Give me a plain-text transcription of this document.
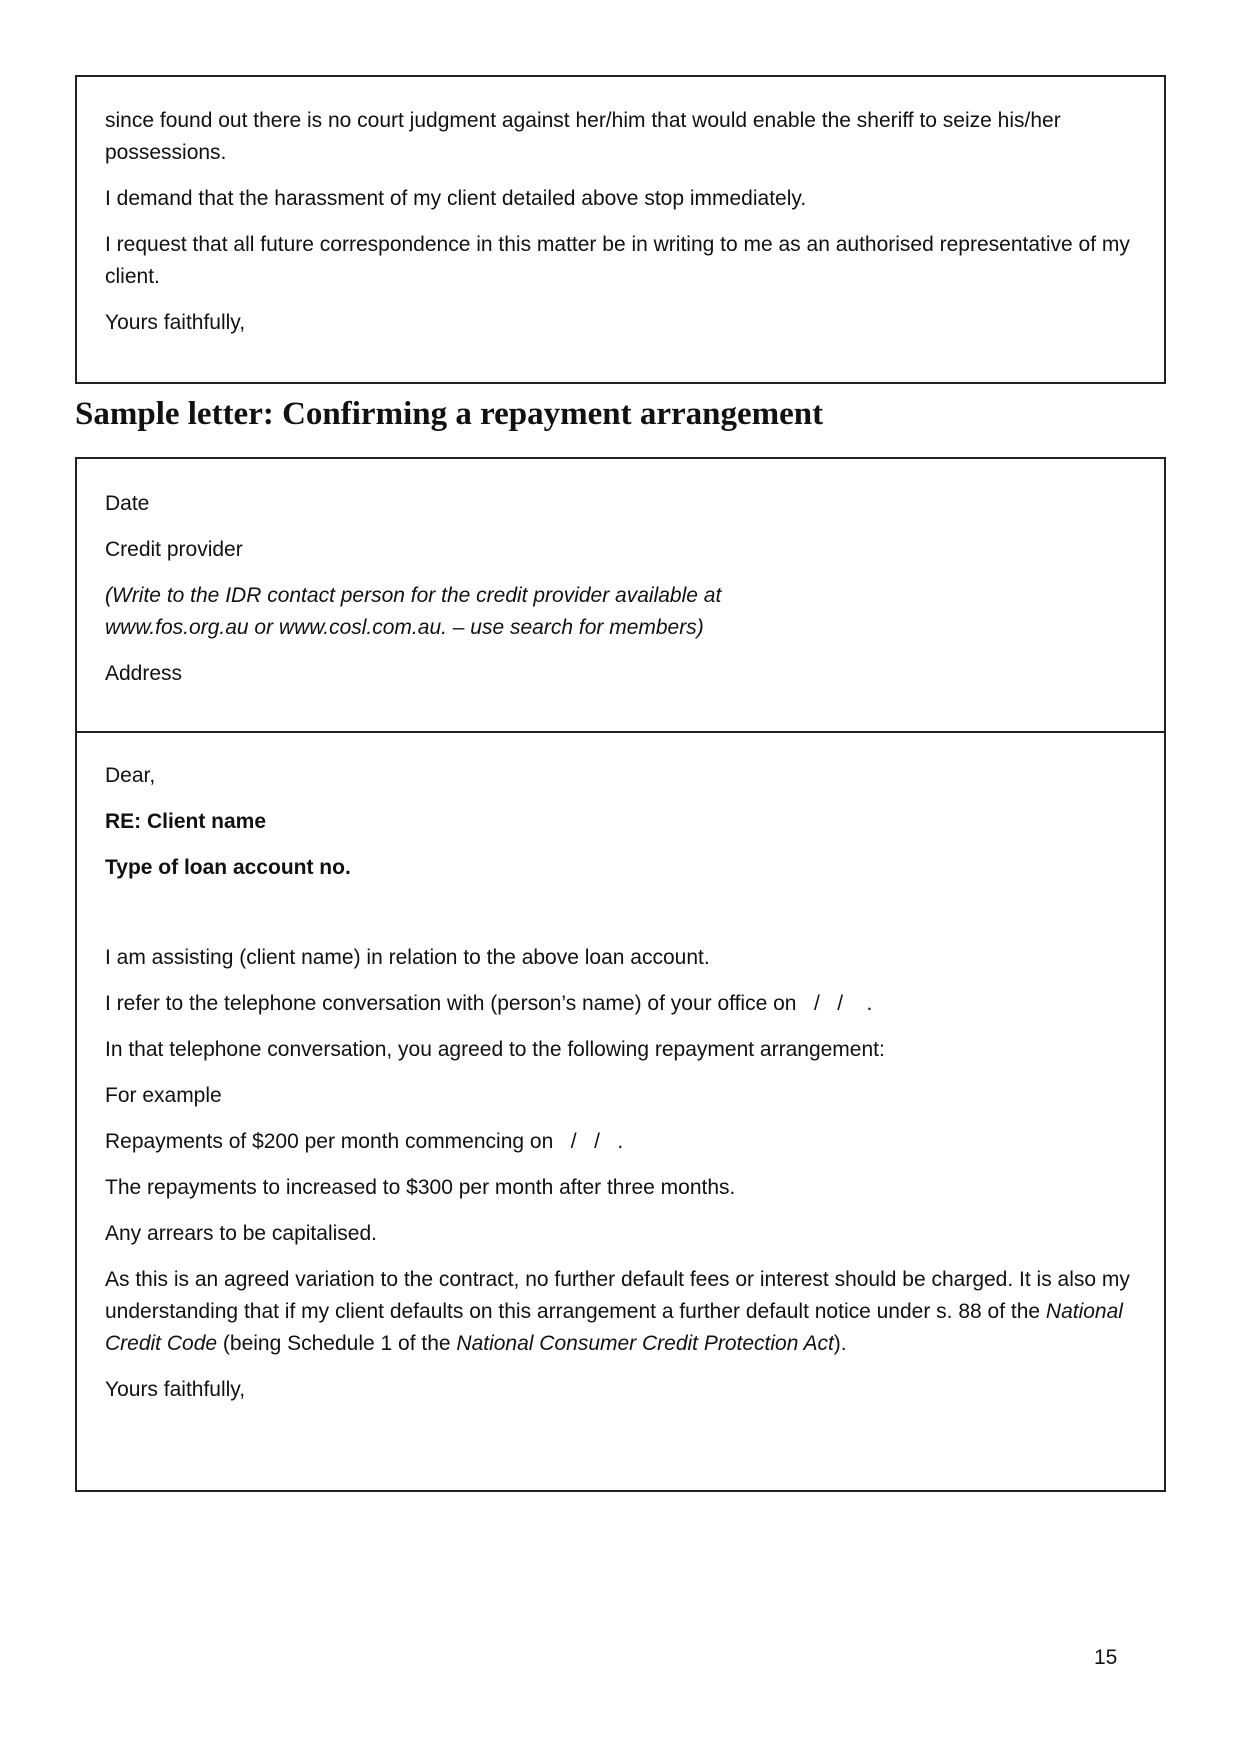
since found out there is no court judgment against her/him that would enable the sheriff to seize his/her possessions.

I demand that the harassment of my client detailed above stop immediately.

I request that all future correspondence in this matter be in writing to me as an authorised representative of my client.

Yours faithfully,

Sample letter: Confirming a repayment arrangement

Date

Credit provider

(Write to the IDR contact person for the credit provider available at www.fos.org.au or www.cosl.com.au. – use search for members)

Address

Dear,

RE: Client name

Type of loan account no.

I am assisting (client name) in relation to the above loan account.

I refer to the telephone conversation with (person’s name) of your office on   /   /    .

In that telephone conversation, you agreed to the following repayment arrangement:

For example

Repayments of $200 per month commencing on   /   /   .

The repayments to increased to $300 per month after three months.

Any arrears to be capitalised.

As this is an agreed variation to the contract, no further default fees or interest should be charged. It is also my understanding that if my client defaults on this arrangement a further default notice under s. 88 of the National Credit Code (being Schedule 1 of the National Consumer Credit Protection Act).

Yours faithfully,

15
